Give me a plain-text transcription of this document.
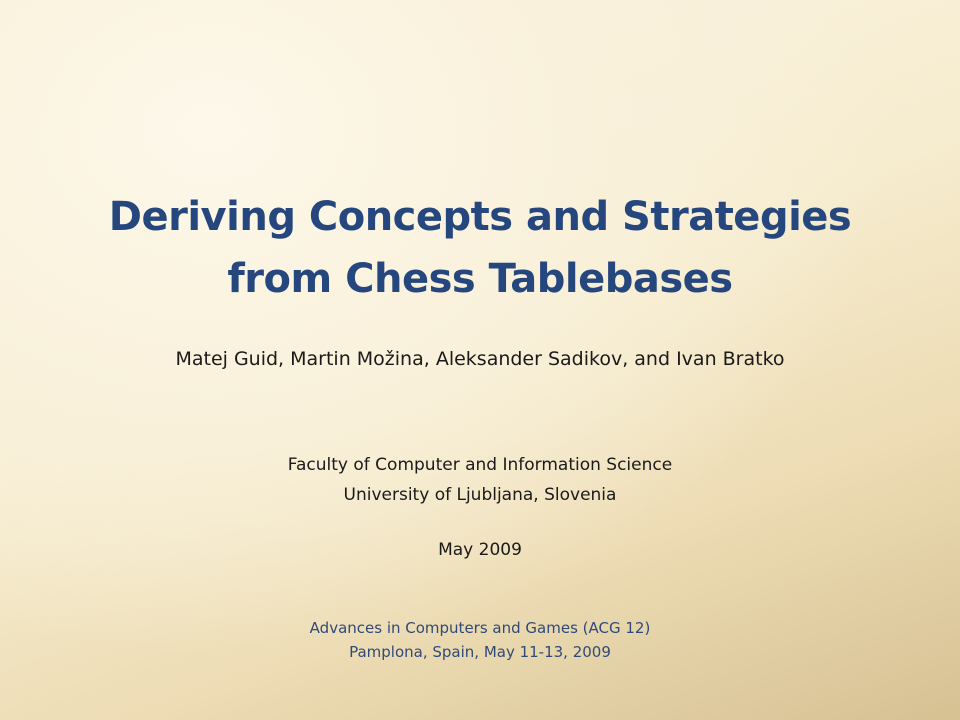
Deriving Concepts and Strategies
from Chess Tablebases
Matej Guid, Martin Možina, Aleksander Sadikov, and Ivan Bratko
Faculty of Computer and Information Science
University of Ljubljana, Slovenia
May 2009
Advances in Computers and Games (ACG 12)
Pamplona, Spain, May 11-13, 2009
